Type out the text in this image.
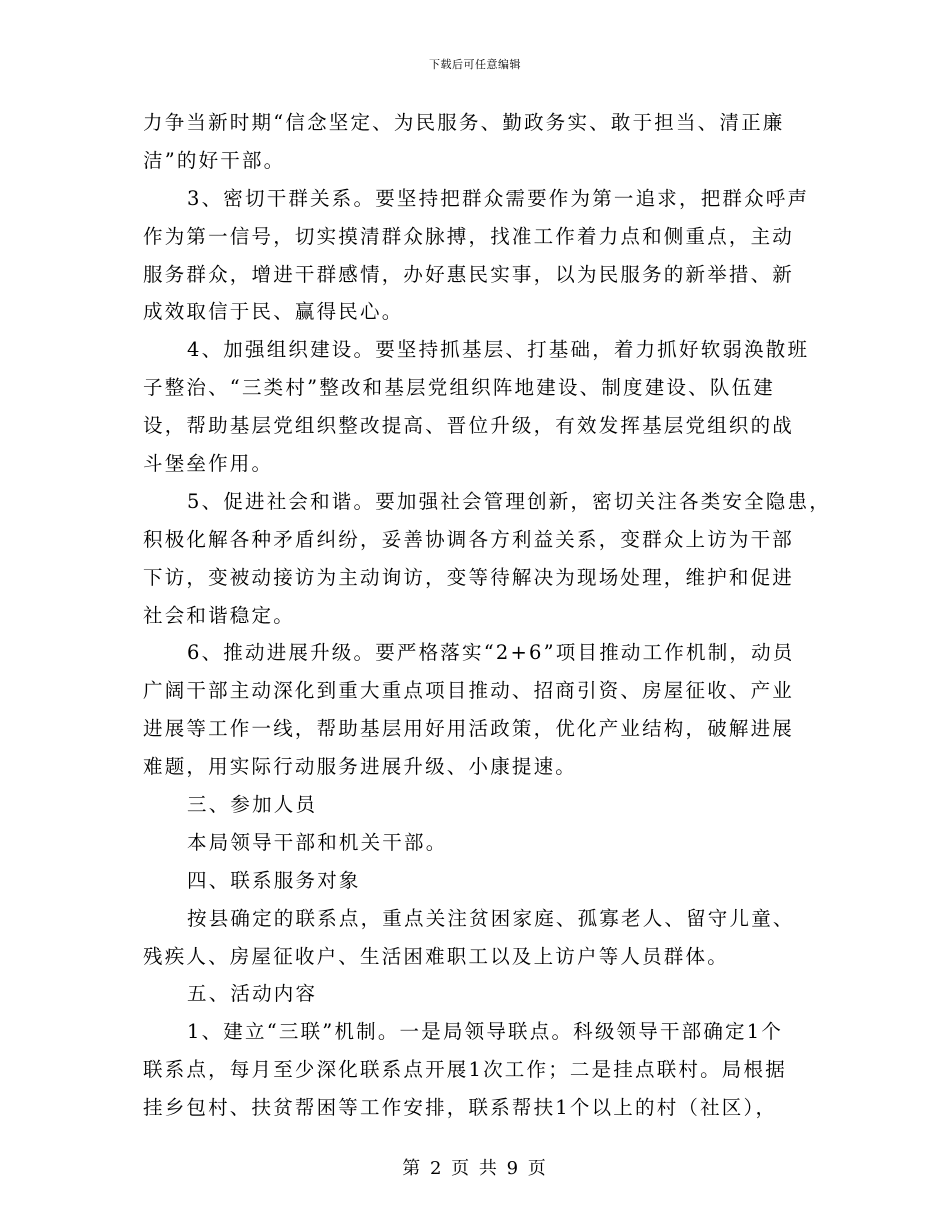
下载后可任意编辑
力争当新时期“信念坚定、为民服务、勤政务实、敢于担当、清正廉
洁”的好干部。
3、密切干群关系。要坚持把群众需要作为第一追求，把群众呼声
作为第一信号，切实摸清群众脉搏，找准工作着力点和侧重点，主动
服务群众，增进干群感情，办好惠民实事，以为民服务的新举措、新
成效取信于民、赢得民心。
4、加强组织建设。要坚持抓基层、打基础，着力抓好软弱涣散班
子整治、“三类村”整改和基层党组织阵地建设、制度建设、队伍建
设，帮助基层党组织整改提高、晋位升级，有效发挥基层党组织的战
斗堡垒作用。
5、促进社会和谐。要加强社会管理创新，密切关注各类安全隐患，
积极化解各种矛盾纠纷，妥善协调各方利益关系，变群众上访为干部
下访，变被动接访为主动询访，变等待解决为现场处理，维护和促进
社会和谐稳定。
6、推动进展升级。要严格落实“2+6”项目推动工作机制，动员
广阔干部主动深化到重大重点项目推动、招商引资、房屋征收、产业
进展等工作一线，帮助基层用好用活政策，优化产业结构，破解进展
难题，用实际行动服务进展升级、小康提速。
三、参加人员
本局领导干部和机关干部。
四、联系服务对象
按县确定的联系点，重点关注贫困家庭、孤寡老人、留守儿童、
残疾人、房屋征收户、生活困难职工以及上访户等人员群体。
五、活动内容
1、建立“三联”机制。一是局领导联点。科级领导干部确定1个
联系点，每月至少深化联系点开展1次工作；二是挂点联村。局根据
挂乡包村、扶贫帮困等工作安排，联系帮扶1个以上的村（社区），
第 2 页 共 9 页
